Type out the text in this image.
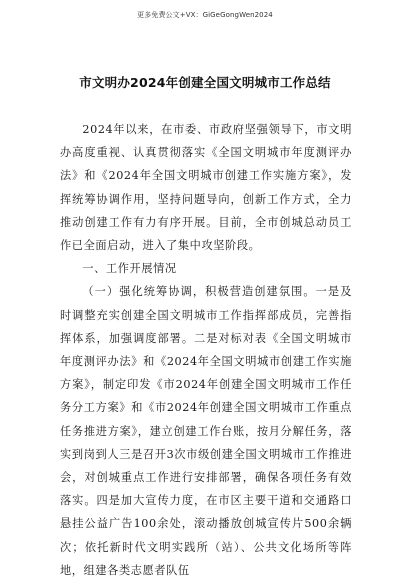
更多免费公文+VX：GiGeGongWen2024
市文明办2024年创建全国文明城市工作总结

2024年以来，在市委、市政府坚强领导下，市文明办高度重视、认真贯彻落实《全国文明城市年度测评办法》和《2024年全国文明城市创建工作实施方案》，发挥统筹协调作用，坚持问题导向，创新工作方式，全力推动创建工作有力有序开展。目前，全市创城总动员工作已全面启动，进入了集中攻坚阶段。

一、工作开展情况

（一）强化统筹协调，积极营造创建氛围。一是及时调整充实创建全国文明城市工作指挥部成员，完善指挥体系，加强调度部署。二是对标对表《全国文明城市年度测评办法》和《2024年全国文明城市创建工作实施方案》，制定印发《市2024年创建全国文明城市工作任务分工方案》和《市2024年创建全国文明城市工作重点任务推进方案》，建立创建工作台账，按月分解任务，落实到岗到人三是召开3次市级创建全国文明城市工作推进会，对创城重点工作进行安排部署，确保各项任务有效落实。四是加大宣传力度，在市区主要干道和交通路口悬挂公益广告100余处，滚动播放创城宣传片500余辆次；依托新时代文明实践所（站）、公共文化场所等阵地，组建各类志愿者队伍
